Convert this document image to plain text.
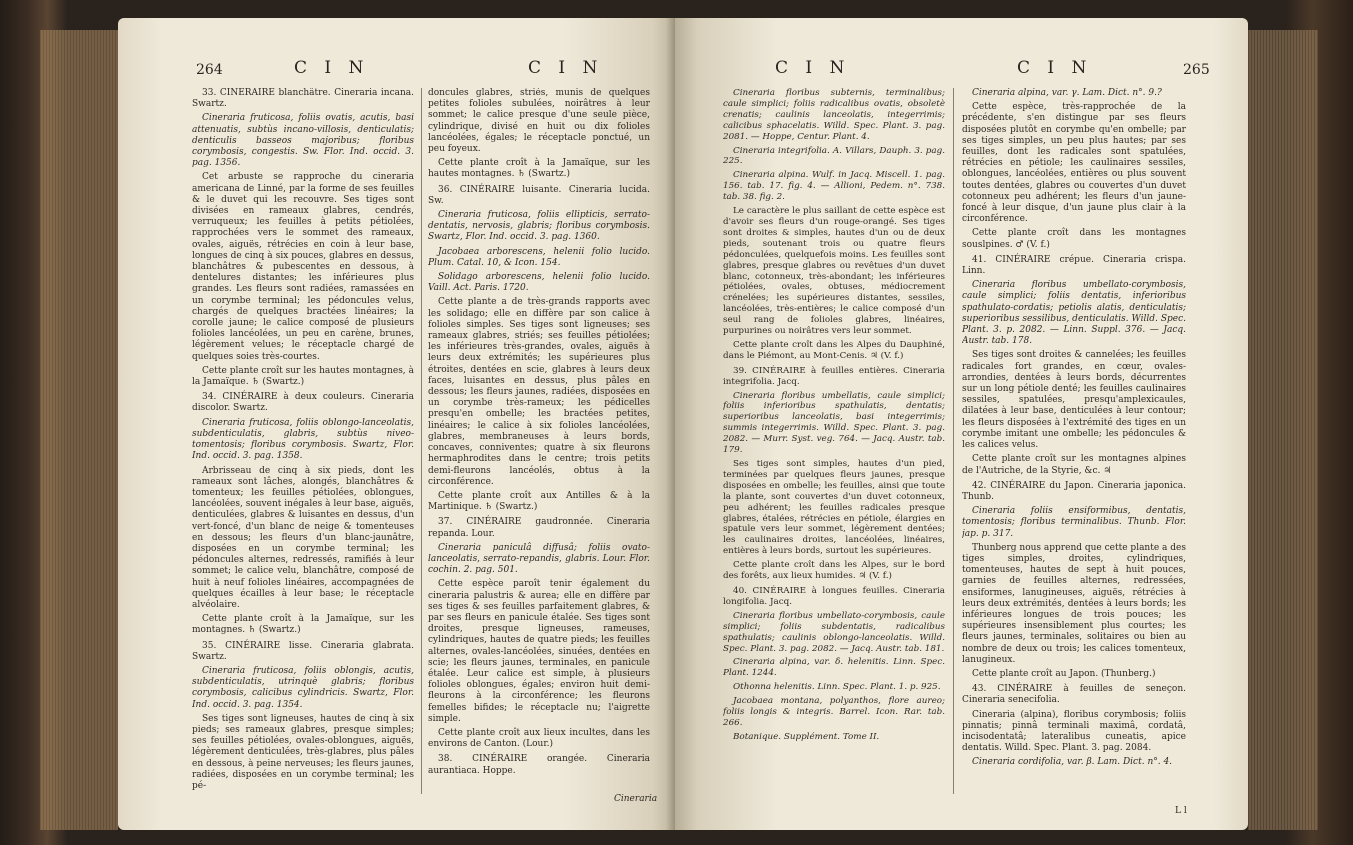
264	C I N	C I N

33. CINÉRAIRE blanchâtre. Cineraria incana. Swartz.

Cineraria fruticosa, foliis ovatis, acutis, basi attenuatis, subtùs incano-villosis, denticulatis; denticulis basseos majoribus; floribus corymbosis, congestis. Sw. Flor. Ind. occid. 3. pag. 1356.

Cet arbuste se rapproche du cineraria americana de Linné, par la forme de ses feuilles & le duvet qui les recouvre. Ses tiges sont divisées en rameaux glabres, cendrés, verruqueux; les feuilles à petits pétiolées, rapprochées vers le sommet des rameaux, ovales, aiguës, rétrécies en coin à leur base, longues de cinq à six pouces, glabres en dessus, blanchâtres & pubescentes en dessous, à dentelures distantes; les inférieures plus grandes. Les fleurs sont radiées, ramassées en un corymbe terminal; les pédoncules velus, chargés de quelques bractées linéaires; la corolle jaune; le calice composé de plusieurs folioles lancéolées, un peu en carène, brunes, légèrement velues; le réceptacle chargé de quelques soies très-courtes.

Cette plante croît sur les hautes montagnes, à la Jamaïque. ♄ (Swartz.)

34. CINÉRAIRE à deux couleurs. Cineraria discolor. Swartz.

Cineraria fruticosa, foliis oblongo-lanceolatis, subdenticulatis, glabris, subtùs niveo-tomentosis; floribus corymbosis. Swartz, Flor. Ind. occid. 3. pag. 1358.

Arbrisseau de cinq à six pieds, dont les rameaux sont lâches, alongés, blanchâtres & tomenteux; les feuilles pétiolées, oblongues, lancéolées, souvent inégales à leur base, aiguës, denticulées, glabres & luisantes en dessus, d'un vert-foncé, d'un blanc de neige & tomenteuses en dessous; les fleurs d'un blanc-jaunâtre, disposées en un corymbe terminal; les pédoncules alternes, redressés, ramifiés à leur sommet; le calice velu, blanchâtre, composé de huit à neuf folioles linéaires, accompagnées de quelques écailles à leur base; le réceptacle alvéolaire.

Cette plante croît à la Jamaïque, sur les montagnes. ♄ (Swartz.)

35. CINÉRAIRE lisse. Cineraria glabrata. Swartz.

Cineraria fruticosa, foliis oblongis, acutis, subdenticulatis, utrinquè glabris; floribus corymbosis, calicibus cylindricis. Swartz, Flor. Ind. occid. 3. pag. 1354.

Ses tiges sont ligneuses, hautes de cinq à six pieds; ses rameaux glabres, presque simples; ses feuilles pétiolées, ovales-oblongues, aiguës, légèrement denticulées, très-glabres, plus pâles en dessous, à peine nerveuses; les fleurs jaunes, radiées, disposées en un corymbe terminal; les pé-

doncules glabres, striés, munis de quelques petites folioles subulées, noirâtres à leur sommet; le calice presque d'une seule pièce, cylindrique, divisé en huit ou dix folioles lancéolées, égales; le réceptacle ponctué, un peu foyeux.

Cette plante croît à la Jamaïque, sur les hautes montagnes. ♄ (Swartz.)

36. CINÉRAIRE luisante. Cineraria lucida. Sw.

Cineraria fruticosa, foliis ellipticis, serrato-dentatis, nervosis, glabris; floribus corymbosis. Swartz, Flor. Ind. occid. 3. pag. 1360.

Jacobaea arborescens, helenii folio lucido. Plum. Catal. 10, & Icon. 154.

Solidago arborescens, helenii folio lucido. Vaill. Act. Paris. 1720.

Cette plante a de très-grands rapports avec les solidago; elle en diffère par son calice à folioles simples. Ses tiges sont ligneuses; ses rameaux glabres, striés; ses feuilles pétiolées; les inférieures très-grandes, ovales, aiguës à leurs deux extrémités; les supérieures plus étroites, dentées en scie, glabres à leurs deux faces, luisantes en dessus, plus pâles en dessous; les fleurs jaunes, radiées, disposées en un corymbe très-rameux; les pédicelles presqu'en ombelle; les bractées petites, linéaires; le calice à six folioles lancéolées, glabres, membraneuses à leurs bords, concaves, conniventes; quatre à six fleurons hermaphrodites dans le centre; trois petits demi-fleurons lancéolés, obtus à la circonférence.

Cette plante croît aux Antilles & à la Martinique. ♄ (Swartz.)

37. CINÉRAIRE gaudronnée. Cineraria repanda. Lour.

Cineraria paniculâ diffusâ; foliis ovato-lanceolatis, serrato-repandis, glabris. Lour. Flor. cochin. 2. pag. 501.

Cette espèce paroît tenir également du cineraria palustris & aurea; elle en diffère par ses tiges & ses feuilles parfaitement glabres, & par ses fleurs en panicule étalée. Ses tiges sont droites, presque ligneuses, rameuses, cylindriques, hautes de quatre pieds; les feuilles alternes, ovales-lancéolées, sinuées, dentées en scie; les fleurs jaunes, terminales, en panicule étalée. Leur calice est simple, à plusieurs folioles oblongues, égales; environ huit demi-fleurons à la circonférence; les fleurons femelles bifides; le réceptacle nu; l'aigrette simple.

Cette plante croît aux lieux incultes, dans les environs de Canton. (Lour.)

38. CINÉRAIRE orangée. Cineraria aurantiaca. Hoppe.

Cineraria
C I N	C I N	265

Cineraria floribus subternis, terminalibus; caule simplici; foliis radicalibus ovatis, obsoletè crenatis; caulinis lanceolatis, integerrimis; calicibus sphacelatis. Willd. Spec. Plant. 3. pag. 2081. — Hoppe, Centur. Plant. 4.

Cineraria integrifolia. A. Villars, Dauph. 3. pag. 225.

Cineraria alpina. Wulf. in Jacq. Miscell. 1. pag. 156. tab. 17. fig. 4. — Allioni, Pedem. n°. 738. tab. 38. fig. 2.

Le caractère le plus saillant de cette espèce est d'avoir ses fleurs d'un rouge-orangé. Ses tiges sont droites & simples, hautes d'un ou de deux pieds, soutenant trois ou quatre fleurs pédonculées, quelquefois moins. Les feuilles sont glabres, presque glabres ou revêtues d'un duvet blanc, cotonneux, très-abondant; les inférieures pétiolées, ovales, obtuses, médiocrement crénelées; les supérieures distantes, sessiles, lancéolées, très-entières; le calice composé d'un seul rang de folioles glabres, linéaires, purpurines ou noirâtres vers leur sommet.

Cette plante croît dans les Alpes du Dauphiné, dans le Piémont, au Mont-Cenis. ♃ (V. f.)

39. CINÉRAIRE à feuilles entières. Cineraria integrifolia. Jacq.

Cineraria floribus umbellatis, caule simplici; foliis inferioribus spathulatis, dentatis; superioribus lanceolatis, basi integerrimis; summis integerrimis. Willd. Spec. Plant. 3. pag. 2082. — Murr. Syst. veg. 764. — Jacq. Austr. tab. 179.

Ses tiges sont simples, hautes d'un pied, terminées par quelques fleurs jaunes, presque disposées en ombelle; les feuilles, ainsi que toute la plante, sont couvertes d'un duvet cotonneux, peu adhérent; les feuilles radicales presque glabres, étalées, rétrécies en pétiole, élargies en spatule vers leur sommet, légèrement dentées; les caulinaires droites, lancéolées, linéaires, entières à leurs bords, surtout les supérieures.

Cette plante croît dans les Alpes, sur le bord des forêts, aux lieux humides. ♃ (V. f.)

40. CINÉRAIRE à longues feuilles. Cineraria longifolia. Jacq.

Cineraria floribus umbellato-corymbosis, caule simplici; foliis subdentatis, radicalibus spathulatis; caulinis oblongo-lanceolatis. Willd. Spec. Plant. 3. pag. 2082. — Jacq. Austr. tab. 181.

Cineraria alpina, var. δ. helenitis. Linn. Spec. Plant. 1244.

Othonna helenitis. Linn. Spec. Plant. 1. p. 925.

Jacobaea montana, polyanthos, flore aureo; foliis longis & integris. Barrel. Icon. Rar. tab. 266.

Botanique. Supplément. Tome II.

Cineraria alpina, var. γ. Lam. Dict. n°. 9.?

Cette espèce, très-rapprochée de la précédente, s'en distingue par ses fleurs disposées plutôt en corymbe qu'en ombelle; par ses tiges simples, un peu plus hautes; par ses feuilles, dont les radicales sont spatulées, rétrécies en pétiole; les caulinaires sessiles, oblongues, lancéolées, entières ou plus souvent toutes dentées, glabres ou couvertes d'un duvet cotonneux peu adhérent; les fleurs d'un jaune-foncé à leur disque, d'un jaune plus clair à la circonférence.

Cette plante croît dans les montagnes souslpines. ♂ (V. f.)

41. CINÉRAIRE crépue. Cineraria crispa. Linn.

Cineraria floribus umbellato-corymbosis, caule simplici; foliis dentatis, inferioribus spathulato-cordatis; petiolis alatis, denticulatis; superioribus sessilibus, denticulatis. Willd. Spec. Plant. 3. p. 2082. — Linn. Suppl. 376. — Jacq. Austr. tab. 178.

Ses tiges sont droites & cannelées; les feuilles radicales fort grandes, en cœur, ovales-arrondies, dentées à leurs bords, décurrentes sur un long pétiole denté; les feuilles caulinaires sessiles, spatulées, presqu'amplexicaules, dilatées à leur base, denticulées à leur contour; les fleurs disposées à l'extrémité des tiges en un corymbe imitant une ombelle; les pédoncules & les calices velus.

Cette plante croît sur les montagnes alpines de l'Autriche, de la Styrie, &c. ♃

42. CINÉRAIRE du Japon. Cineraria japonica. Thunb.

Cineraria foliis ensiformibus, dentatis, tomentosis; floribus terminalibus. Thunb. Flor. jap. p. 317.

Thunberg nous apprend que cette plante a des tiges simples, droites, cylindriques, tomenteuses, hautes de sept à huit pouces, garnies de feuilles alternes, redressées, ensiformes, lanugineuses, aiguës, rétrécies à leurs deux extrémités, dentées à leurs bords; les inférieures longues de trois pouces; les supérieures insensiblement plus courtes; les fleurs jaunes, terminales, solitaires ou bien au nombre de deux ou trois; les calices tomenteux, lanugineux.

Cette plante croît au Japon. (Thunberg.)

43. CINÉRAIRE à feuilles de seneçon. Cineraria senecifolia.

Cineraria (alpina), floribus corymbosis; foliis pinnatis; pinnâ terminali maximâ, cordatâ, incisodentatâ; lateralibus cuneatis, apice dentatis. Willd. Spec. Plant. 3. pag. 2084.

Cineraria cordifolia, var. β. Lam. Dict. n°. 4.

L l
